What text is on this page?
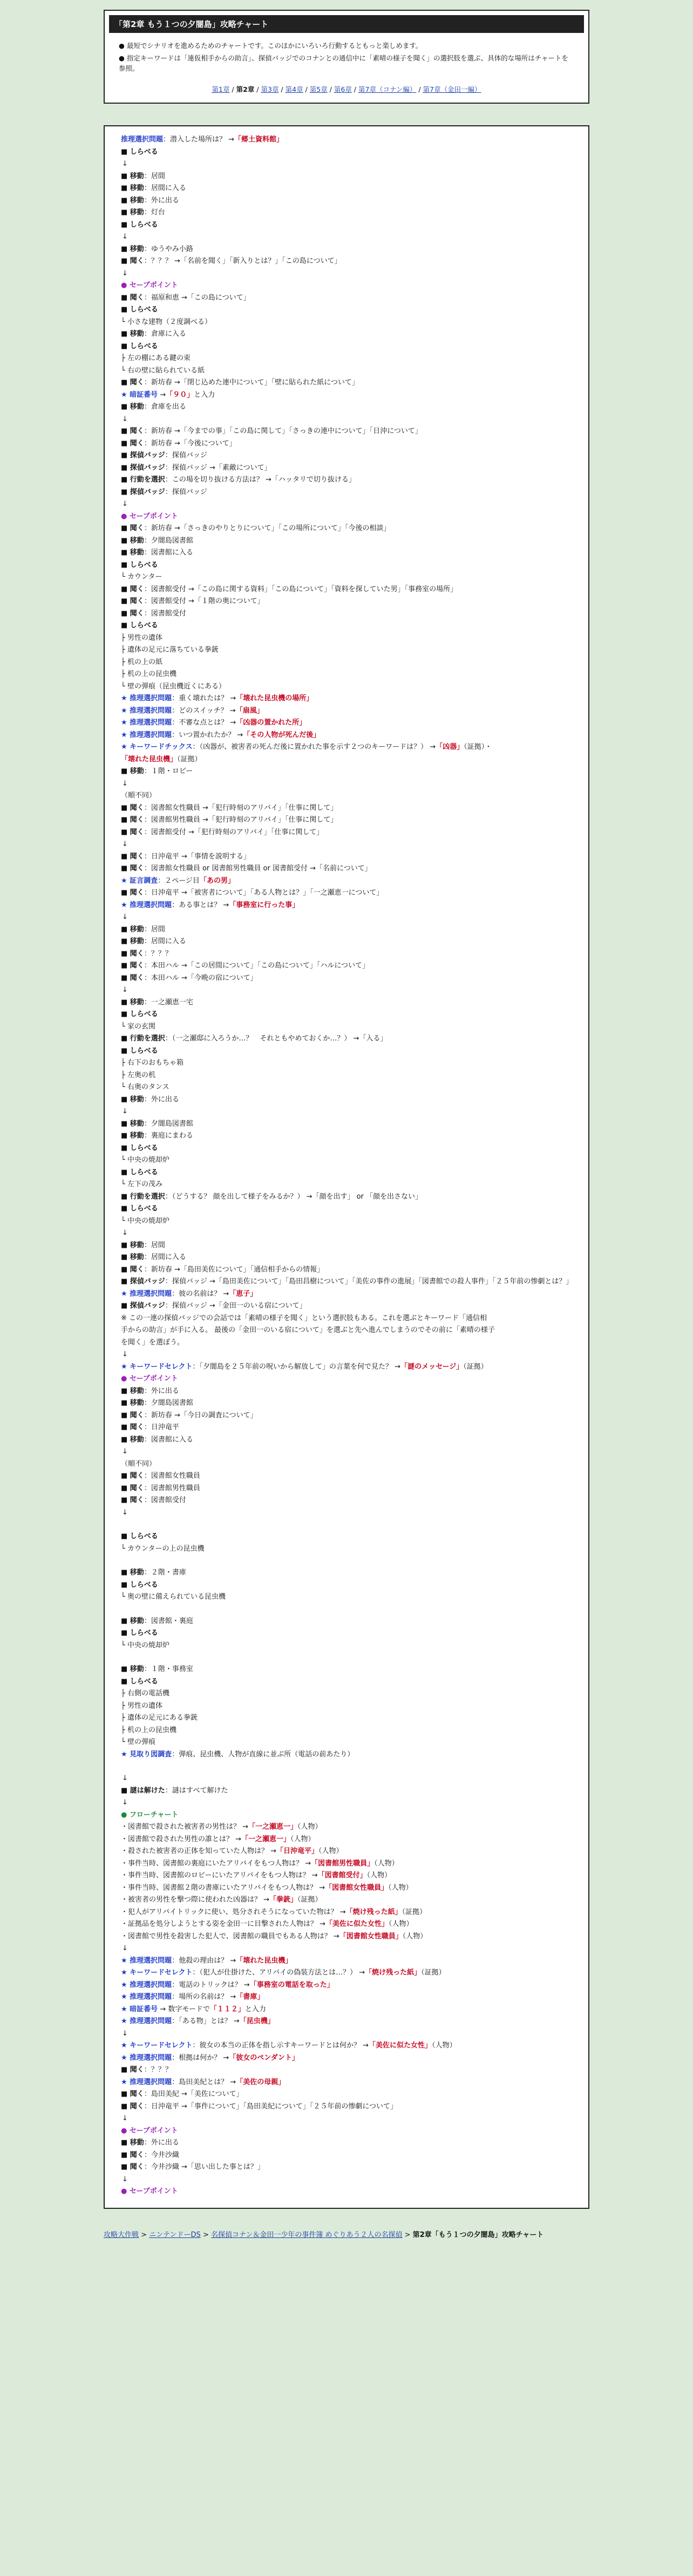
「第2章 もう１つの夕闇島」攻略チャート

● 最短でシナリオを進めるためのチャートです。このほかにいろいろ行動するともっと楽しめます。

● 指定キーワードは「連仮相手からの助言」、探偵バッジでのコナンとの通信中に「素晴の様子を聞く」の選択肢を選ぶ、具体的な場所はチャートを参照。

第1章 / 第2章 / 第3章 / 第4章 / 第5章 / 第6章 / 第7章（コナン編） / 第7章（金田一編）
推理選択問題：潜入した場所は？ →「郷土資料館」
■ しらべる
↓
■ 移動：居間
■ 移動：居間に入る
■ 移動：外に出る
■ 移動：灯台
■ しらべる
↓
■ 移動：ゆうやみ小路
■ 聞く：？？？ →「名前を聞く」「新入りとは？」「この島について」
↓
● セーブポイント
■ 聞く：福原和恵 →「この島について」
■ しらべる
└ 小さな建物（２度調べる）
■ 移動：倉庫に入る
■ しらべる
├ 左の棚にある鍵の束
└ 右の壁に貼られている紙
■ 聞く：新坊春 →「閉じ込めた連中について」「壁に貼られた紙について」
★ 暗証番号 →「９０」と入力
■ 移動：倉庫を出る
↓
■ 聞く：新坊春 →「今までの事」「この島に関して」「さっきの連中について」「日沖について」
■ 聞く：新坊春 →「今後について」
■ 探偵バッジ：探偵バッジ
■ 探偵バッジ：探偵バッジ →「素敵について」
■ 行動を選択：この場を切り抜ける方法は？ →「ハッタリで切り抜ける」
■ 探偵バッジ：探偵バッジ
↓
● セーブポイント
■ 聞く：新坊春 →「さっきのやりとりについて」「この場所について」「今後の相談」
■ 移動：夕闇島図書館
■ 移動：図書館に入る
■ しらべる
└ カウンター
■ 聞く：図書館受付 →「この島に関する資料」「この島について」「資料を探していた男」「事務室の場所」
■ 聞く：図書館受付 →「１階の奥について」
■ 聞く：図書館受付
■ しらべる
├ 男性の遺体
├ 遺体の足元に落ちている拳銃
├ 机の上の紙
├ 机の上の昆虫機
└ 壁の弾痕（昆虫機近くにある）
★ 推理選択問題：重く壊れたは？ →「壊れた昆虫機の場所」
★ 推理選択問題：どのスイッチ？ →「扇風」
★ 推理選択問題：不審な点とは？ →「凶器の置かれた所」
★ 推理選択問題：いつ置かれたか？ →「その人物が死んだ後」
★ キーワードチックス：（凶器が、被害者の死んだ後に置かれた事を示す２つのキーワードは？） →「凶器」（証拠）・
「壊れた昆虫機」（証拠）
■ 移動：１階・ロビー
↓
（順不同）
■ 聞く：図書館女性職員 →「犯行時刻のアリバイ」「仕事に関して」
■ 聞く：図書館男性職員 →「犯行時刻のアリバイ」「仕事に関して」
■ 聞く：図書館受付 →「犯行時刻のアリバイ」「仕事に関して」
↓
■ 聞く：日沖竜平 →「事情を説明する」
■ 聞く：図書館女性職員 or 図書館男性職員 or 図書館受付 →「名前について」
★ 証言調査：２ページ目「あの男」
■ 聞く：日沖竜平 →「被害者について」「ある人物とは？」「一之瀬恵一について」
★ 推理選択問題：ある事とは？ →「事務室に行った事」
↓
■ 移動：居間
■ 移動：居間に入る
■ 聞く：？？？
■ 聞く：本田ハル →「この居間について」「この島について」「ハルについて」
■ 聞く：本田ハル →「今晩の宿について」
↓
■ 移動：一之瀬恵一宅
■ しらべる
└ 家の玄関
■ 行動を選択：（一之瀬邸に入ろうか…？　それともやめておくか…？） →「入る」
■ しらべる
├ 右下のおもちゃ箱
├ 左奥の机
└ 右奥のタンス
■ 移動：外に出る
↓
■ 移動：夕闇島図書館
■ 移動：裏庭にまわる
■ しらべる
└ 中央の焼却炉
■ しらべる
└ 左下の茂み
■ 行動を選択：（どうする？ 顔を出して様子をみるか？） →「顔を出す」 or 「顔を出さない」
■ しらべる
└ 中央の焼却炉
↓
■ 移動：居間
■ 移動：居間に入る
■ 聞く：新坊春 →「島田美佐について」「通信相手からの情報」
■ 探偵バッジ：探偵バッジ →「島田美佐について」「島田昌樹について」「美佐の事件の進展」「図書館での殺人事件」「２５年前の惨劇とは？」
★ 推理選択問題：彼の名前は？ →「恵子」
■ 探偵バッジ：探偵バッジ →「金田一のいる宿について」
※ この一連の探偵バッジでの会話では「素晴の様子を聞く」という選択肢もある。これを選ぶとキーワード「通信相
手からの助言」が手に入る。 最後の「金田一のいる宿について」を選ぶと先へ進んでしまうのでその前に「素晴の様子
を聞く」を選ぼう。
↓
★ キーワードセレクト：「夕闇島を２５年前の呪いから解放して」の言葉を何で見た？ →「謎のメッセージ」（証拠）
● セーブポイント
■ 移動：外に出る
■ 移動：夕闇島図書館
■ 聞く：新坊春 →「今日の調査について」
■ 聞く：日沖竜平
■ 移動：図書館に入る
↓
（順不同）
■ 聞く：図書館女性職員
■ 聞く：図書館男性職員
■ 聞く：図書館受付
↓
■ しらべる
└ カウンターの上の昆虫機
■ 移動：２階・書庫
■ しらべる
└ 奥の壁に備えられている昆虫機
■ 移動：図書館・裏庭
■ しらべる
└ 中央の焼却炉
■ 移動：１階・事務室
■ しらべる
├ 右側の電話機
├ 男性の遺体
├ 遺体の足元にある拳銃
├ 机の上の昆虫機
└ 壁の弾痕
★ 見取り図調査：弾痕、昆虫機、人物が直線に並ぶ所（電話の前あたり）
↓
■ 謎は解けた：謎はすべて解けた
↓
● フローチャート
・図書館で殺された被害者の男性は？ →「一之瀬恵一」（人物）
・図書館で殺された男性の誰とは？ →「一之瀬恵一」（人物）
・殺された被害者の正体を知っていた人物は？ →「日沖竜平」（人物）
・事件当時、図書館の裏庭にいたアリバイをもつ人物は？ →「図書館男性職員」（人物）
・事件当時、図書館のロビーにいたアリバイをもつ人物は？ →「図書館受付」（人物）
・事件当時、図書館２階の書庫にいたアリバイをもつ人物は？ →「図書館女性職員」（人物）
・被害者の男性を撃つ際に使われた凶器は？ →「拳銃」（証拠）
・犯人がアリバイトリックに使い、処分されそうになっていた物は？ →「焼け残った紙」（証拠）
・証拠品を処分しようとする姿を金田一に目撃された人物は？ →「美佐に似た女性」（人物）
・図書館で男性を殺害した犯人で、図書館の職員でもある人物は？ →「図書館女性職員」（人物）
↓
★ 推理選択問題：他殺の理由は？ →「壊れた昆虫機」
★ キーワードセレクト：（犯人が仕掛けた、アリバイの偽装方法とは…？） →「焼け残った紙」（証拠）
★ 推理選択問題：電話のトリックは？ →「事務室の電話を取った」
★ 推理選択問題：場所の名前は？ →「書庫」
★ 暗証番号 → 数字モードで「１１２」と入力
★ 推理選択問題：「ある物」とは？ →「昆虫機」
↓
★ キーワードセレクト：彼女の本当の正体を指し示すキーワードとは何か？ →「美佐に似た女性」（人物）
★ 推理選択問題：根拠は何か？ →「彼女のペンダント」
■ 聞く：？？？
★ 推理選択問題：島田美紀とは？ →「美佐の母親」
■ 聞く：島田美紀 →「美佐について」
■ 聞く：日沖竜平 →「事件について」「島田美紀について」「２５年前の惨劇について」
↓
● セーブポイント
■ 移動：外に出る
■ 聞く：今井沙織
■ 聞く：今井沙織 →「思い出した事とは？」
↓
● セーブポイント
攻略大作戦 > ニンテンドーDS > 名探偵コナン＆金田一少年の事件簿 めぐりあう２人の名探偵 > 第2章「もう１つの夕闇島」攻略チャート
